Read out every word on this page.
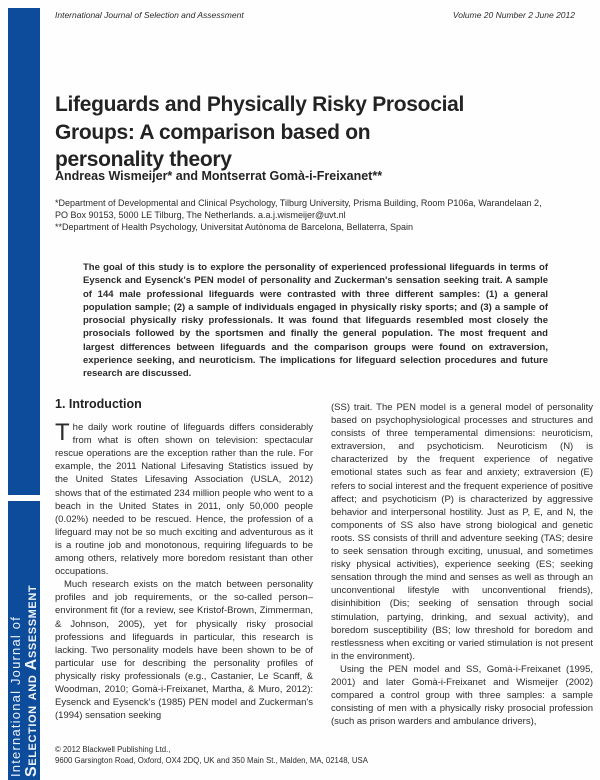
International Journal of Selection and Assessment
International Journal of Selection and Assessment	Volume 20 Number 2 June 2012
Lifeguards and Physically Risky Prosocial
Groups: A comparison based on
personality theory
Andreas Wismeijer* and Montserrat Gomà-i-Freixanet**

*Department of Developmental and Clinical Psychology, Tilburg University, Prisma Building, Room P106a, Warandelaan 2, PO Box 90153, 5000 LE Tilburg, The Netherlands. a.a.j.wismeijer@uvt.nl

**Department of Health Psychology, Universitat Autònoma de Barcelona, Bellaterra, Spain

The goal of this study is to explore the personality of experienced professional lifeguards in terms of Eysenck and Eysenck's PEN model of personality and Zuckerman's sensation seeking trait. A sample of 144 male professional lifeguards were contrasted with three different samples: (1) a general population sample; (2) a sample of individuals engaged in physically risky sports; and (3) a sample of prosocial physically risky professionals. It was found that lifeguards resembled most closely the prosocials followed by the sportsmen and finally the general population. The most frequent and largest differences between lifeguards and the comparison groups were found on extraversion, experience seeking, and neuroticism. The implications for lifeguard selection procedures and future research are discussed.
1. Introduction

The daily work routine of lifeguards differs considerably from what is often shown on television: spectacular rescue operations are the exception rather than the rule. For example, the 2011 National Lifesaving Statistics issued by the United States Lifesaving Association (USLA, 2012) shows that of the estimated 234 million people who went to a beach in the United States in 2011, only 50,000 people (0.02%) needed to be rescued. Hence, the profession of a lifeguard may not be so much exciting and adventurous as it is a routine job and monotonous, requiring lifeguards to be among others, relatively more boredom resistant than other occupations.

Much research exists on the match between personality profiles and job requirements, or the so-called person–environment fit (for a review, see Kristof-Brown, Zimmerman, & Johnson, 2005), yet for physically risky prosocial professions and lifeguards in particular, this research is lacking. Two personality models have been shown to be of particular use for describing the personality profiles of physically risky professionals (e.g., Castanier, Le Scanff, & Woodman, 2010; Gomà-i-Freixanet, Martha, & Muro, 2012): Eysenck and Eysenck's (1985) PEN model and Zuckerman's (1994) sensation seeking

(SS) trait. The PEN model is a general model of personality based on psychophysiological processes and structures and consists of three temperamental dimensions: neuroticism, extraversion, and psychoticism. Neuroticism (N) is characterized by the frequent experience of negative emotional states such as fear and anxiety; extraversion (E) refers to social interest and the frequent experience of positive affect; and psychoticism (P) is characterized by aggressive behavior and interpersonal hostility. Just as P, E, and N, the components of SS also have strong biological and genetic roots. SS consists of thrill and adventure seeking (TAS; desire to seek sensation through exciting, unusual, and sometimes risky physical activities), experience seeking (ES; seeking sensation through the mind and senses as well as through an unconventional lifestyle with unconventional friends), disinhibition (Dis; seeking of sensation through social stimulation, partying, drinking, and sexual activity), and boredom susceptibility (BS; low threshold for boredom and restlessness when exciting or varied stimulation is not present in the environment).

Using the PEN model and SS, Gomà-i-Freixanet (1995, 2001) and later Gomà-i-Freixanet and Wismeijer (2002) compared a control group with three samples: a sample consisting of men with a physically risky prosocial profession (such as prison warders and ambulance drivers),

© 2012 Blackwell Publishing Ltd.,

9600 Garsington Road, Oxford, OX4 2DQ, UK and 350 Main St., Malden, MA, 02148, USA
